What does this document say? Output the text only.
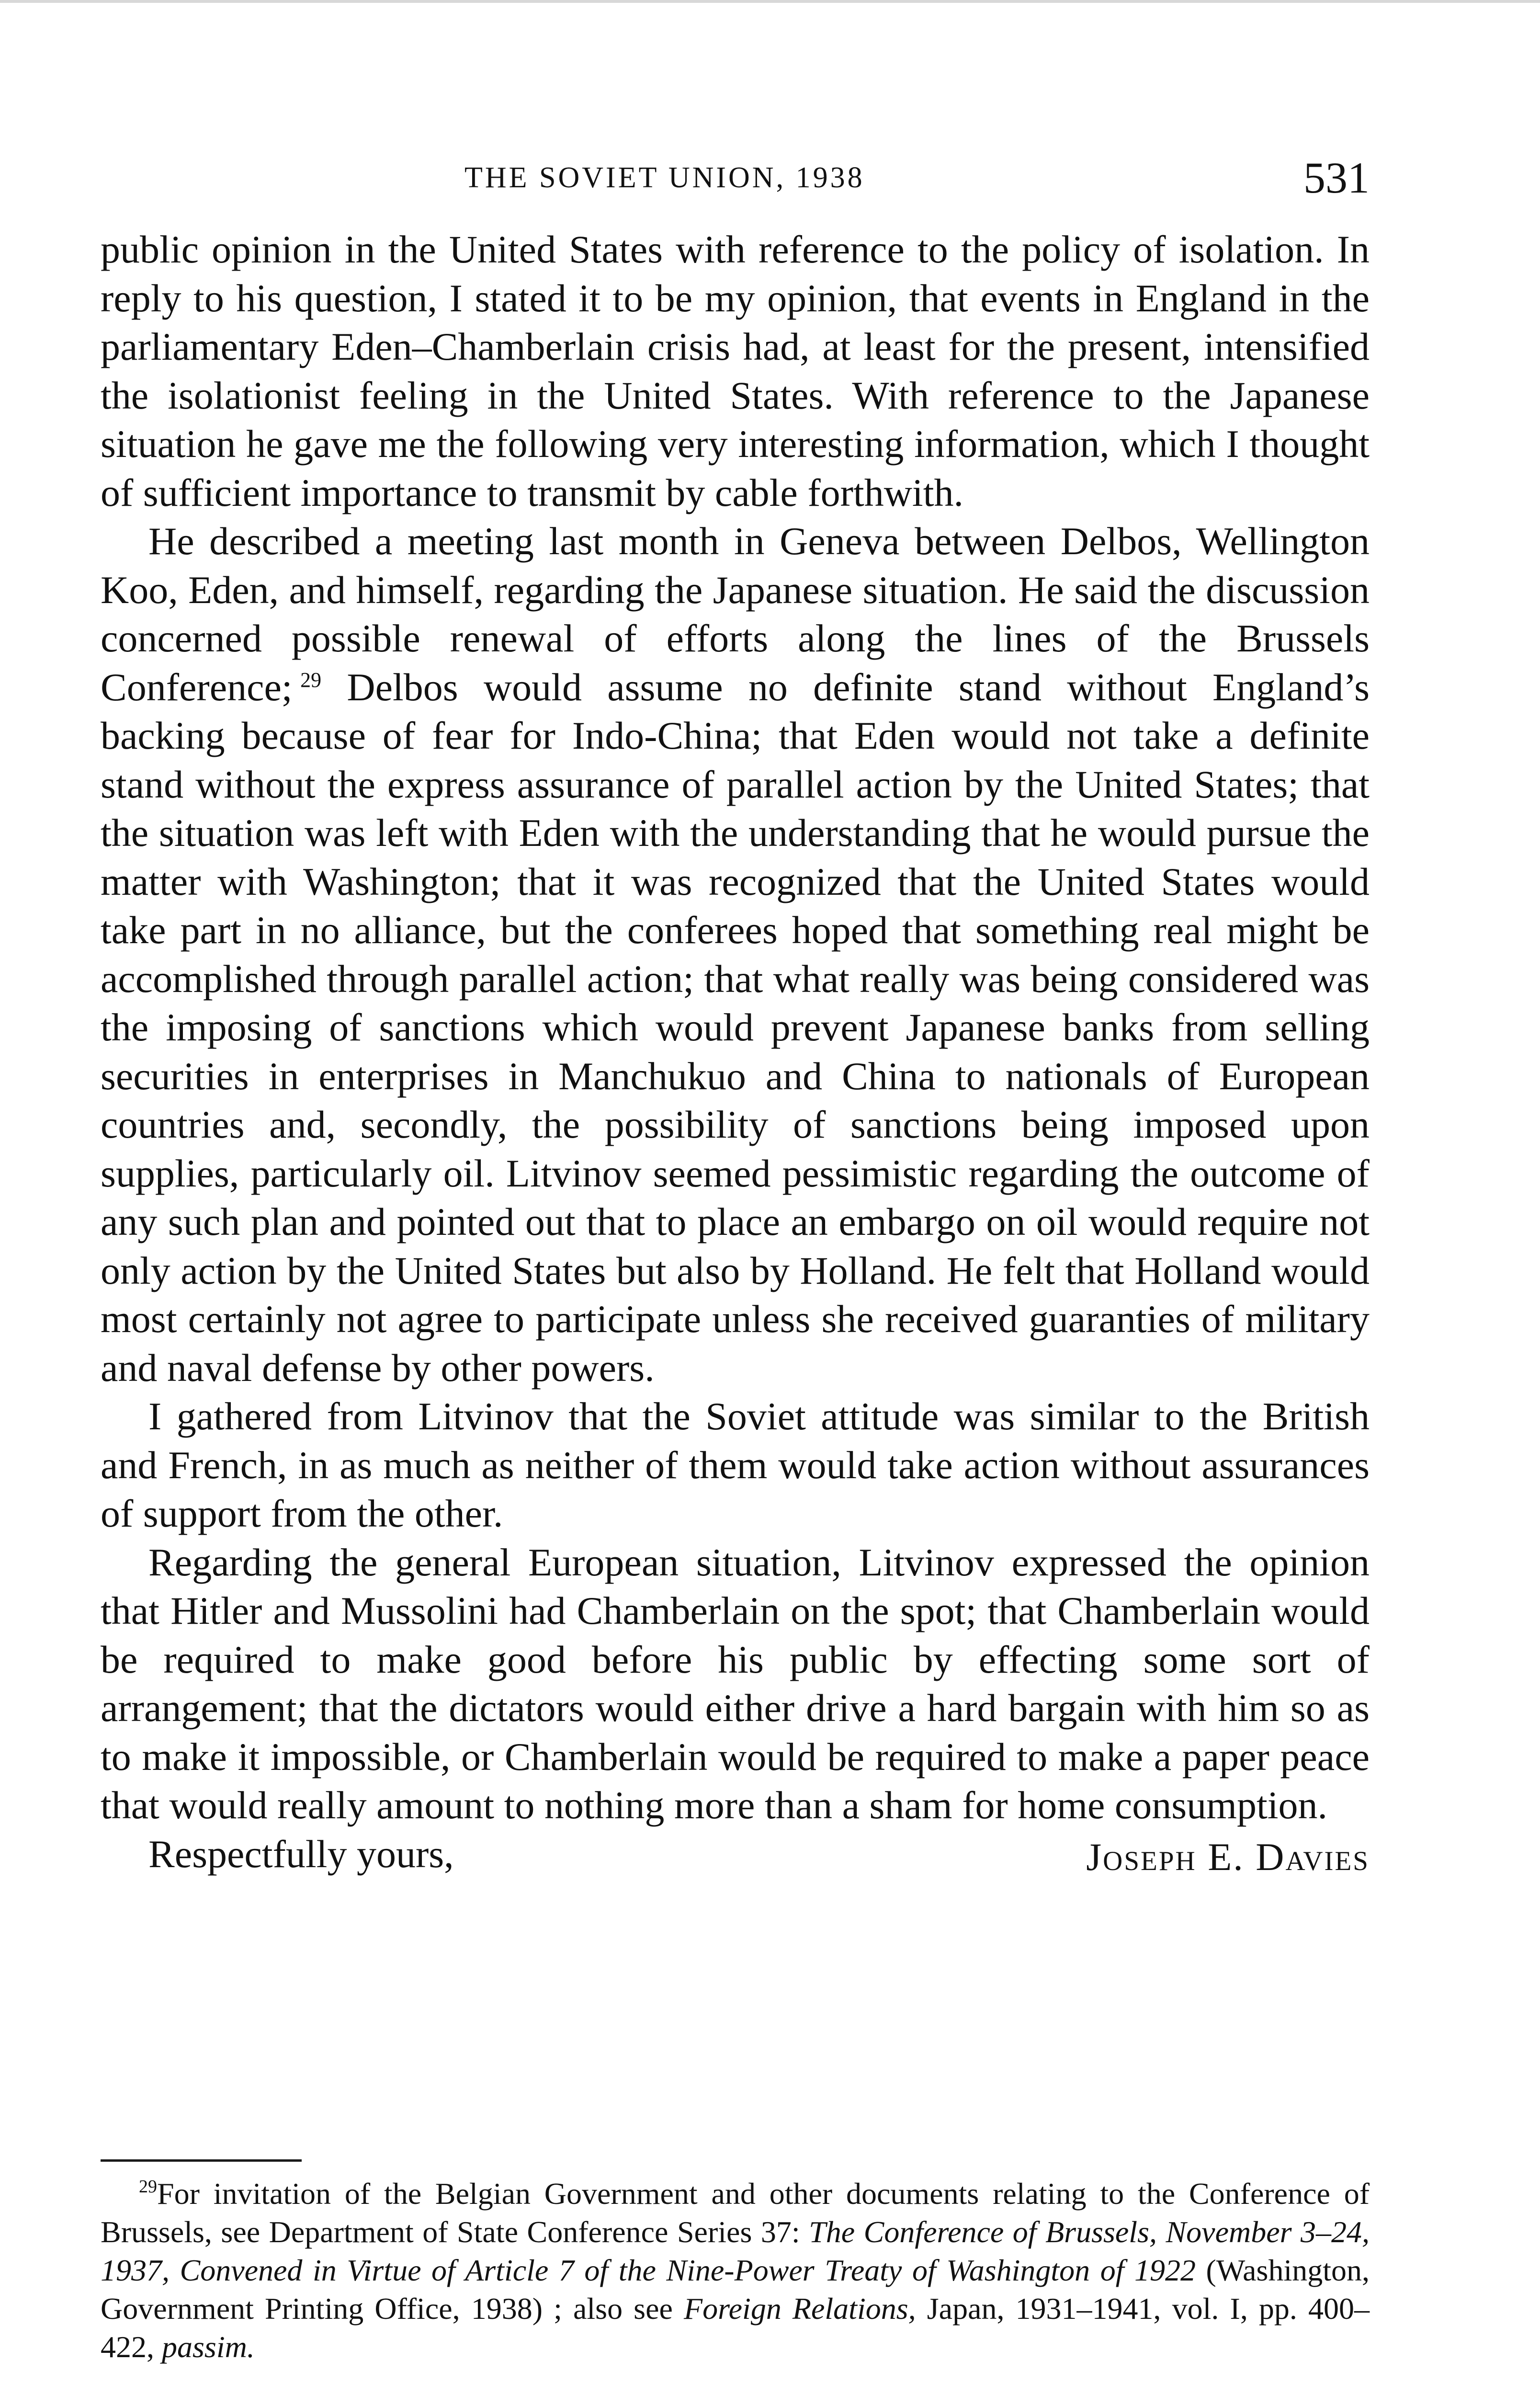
THE SOVIET UNION, 1938	531

public opinion in the United States with reference to the policy of isolation. In reply to his question, I stated it to be my opinion, that events in England in the parliamentary Eden–Chamberlain crisis had, at least for the present, intensified the isolationist feeling in the United States. With reference to the Japanese situation he gave me the following very interesting information, which I thought of sufficient importance to transmit by cable forthwith.

He described a meeting last month in Geneva between Delbos, Wellington Koo, Eden, and himself, regarding the Japanese situation. He said the discussion concerned possible renewal of efforts along the lines of the Brussels Conference;  $^{29}$ Delbos would assume no definite stand without England’s backing because of fear for Indo-China; that Eden would not take a definite stand without the express assurance of parallel action by the United States; that the situation was left with Eden with the understanding that he would pursue the matter with Washington; that it was recognized that the United States would take part in no alliance, but the conferees hoped that something real might be accomplished through parallel action; that what really was being considered was the imposing of sanctions which would prevent Japanese banks from selling securities in enterprises in Manchukuo and China to nationals of European countries and, secondly, the possibility of sanctions being imposed upon supplies, particularly oil. Litvinov seemed pessimistic regarding the outcome of any such plan and pointed out that to place an embargo on oil would require not only action by the United States but also by Holland. He felt that Holland would most certainly not agree to participate unless she received guaranties of military and naval defense by other powers.

I gathered from Litvinov that the Soviet attitude was similar to the British and French, in as much as neither of them would take action without assurances of support from the other.

Regarding the general European situation, Litvinov expressed the opinion that Hitler and Mussolini had Chamberlain on the spot; that Chamberlain would be required to make good before his public by effecting some sort of arrangement; that the dictators would either drive a hard bargain with him so as to make it impossible, or Chamberlain would be required to make a paper peace that would really amount to nothing more than a sham for home consumption.

Respectfully yours,	Joseph E. Davies

$^{29}$For invitation of the Belgian Government and other documents relating to the Conference of Brussels, see Department of State Conference Series 37: The Conference of Brussels, November 3–24, 1937, Convened in Virtue of Article 7 of the Nine-Power Treaty of Washington of 1922 (Washington, Government Printing Office, 1938) ; also see Foreign Relations, Japan, 1931–1941, vol. I, pp. 400–422, passim.
